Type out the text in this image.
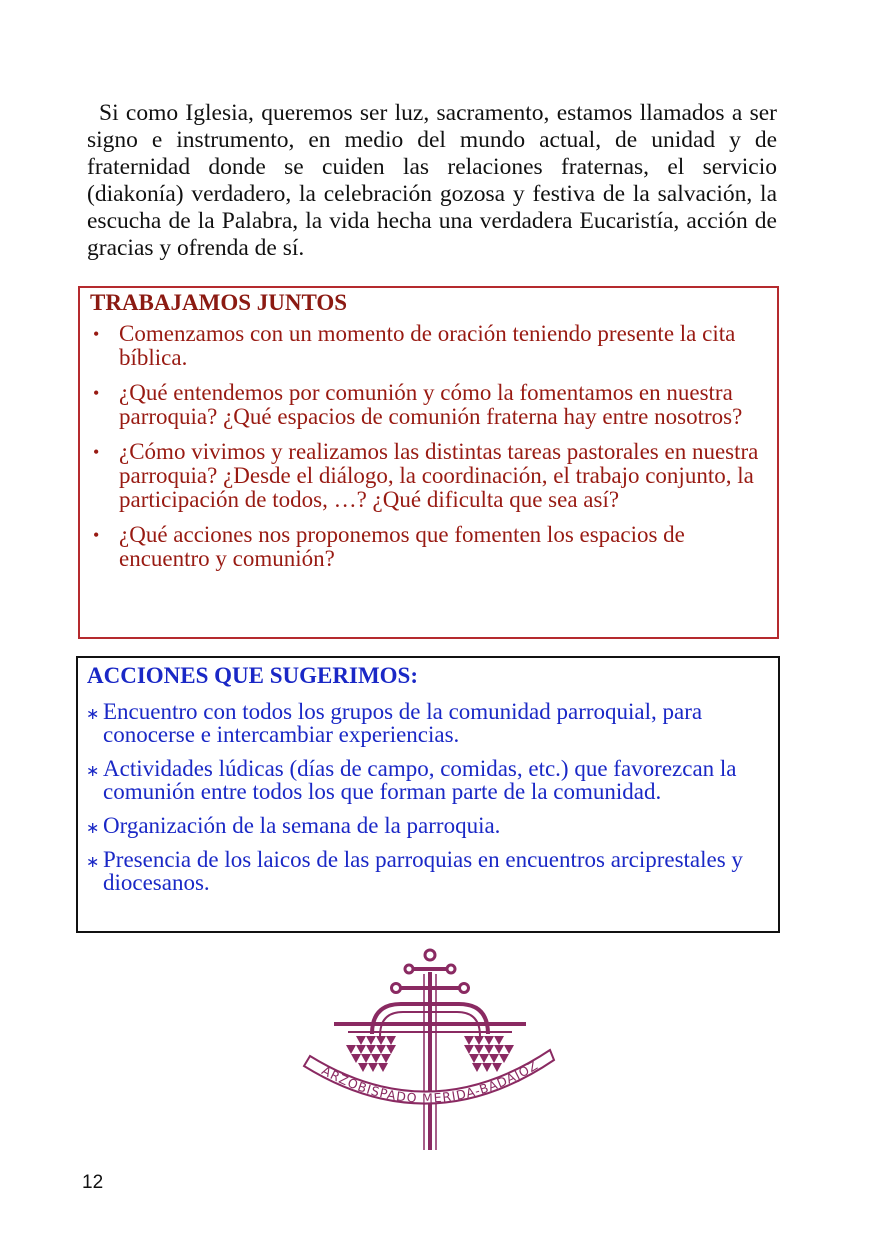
Si como Iglesia, queremos ser luz, sacramento, estamos llamados a ser signo e instrumento, en medio del mundo actual, de unidad y de fraternidad donde se cuiden las relaciones fraternas, el servicio (diakonía) verdadero, la celebración gozosa y festiva de la salvación, la escucha de la Palabra, la vida hecha una verdadera Eucaristía, acción de gracias y ofrenda de sí.

TRABAJAMOS JUNTOS
• Comenzamos con un momento de oración teniendo presente la cita bíblica.
• ¿Qué entendemos por comunión y cómo la fomentamos en nuestra parroquia? ¿Qué espacios de comunión fraterna hay entre nosotros?
• ¿Cómo vivimos y realizamos las distintas tareas pastorales en nuestra parroquia? ¿Desde el diálogo, la coordinación, el trabajo conjunto, la participación de todos, …? ¿Qué dificulta que sea así?
• ¿Qué acciones nos proponemos que fomenten los espacios de encuentro y comunión?
ACCIONES QUE SUGERIMOS:
∗ Encuentro con todos los grupos de la comunidad parroquial, para conocerse e intercambiar experiencias.
∗ Actividades lúdicas (días de campo, comidas, etc.) que favorezcan la comunión entre todos los que forman parte de la comunidad.
∗ Organización de la semana de la parroquia.
∗ Presencia de los laicos de las parroquias en encuentros arciprestales y diocesanos.
ARZOBISPADO MÉRIDA-BADAJOZ
12
